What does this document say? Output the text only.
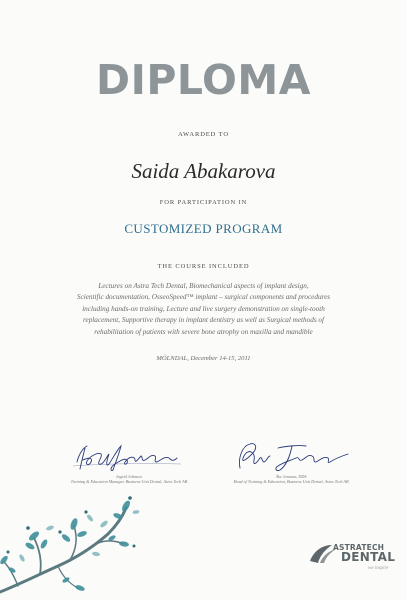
DIPLOMA
AWARDED TO
Saida Abakarova
FOR PARTICIPATION IN
CUSTOMIZED PROGRAM
THE COURSE INCLUDED
Lectures on Astra Tech Dental, Biomechanical aspects of implant design,
Scientific documentation, OsseoSpeed™ implant – surgical components and procedures
including hands-on training, Lecture and live surgery demonstration on single-tooth
replacement, Supportive therapy in implant dentistry as well as Surgical methods of
rehabilitation of patients with severe bone atrophy on maxilla and mandible
MÖLNDAL, December 14-15, 2011
Ingrid Johnson
Training & Education Manager, Business Unit Dental, Astra Tech AB
Åke Jonsson, DDS
Head of Training & Education, Business Unit Dental, Astra Tech AB
ASTRATECH
DENTAL
we inspire
